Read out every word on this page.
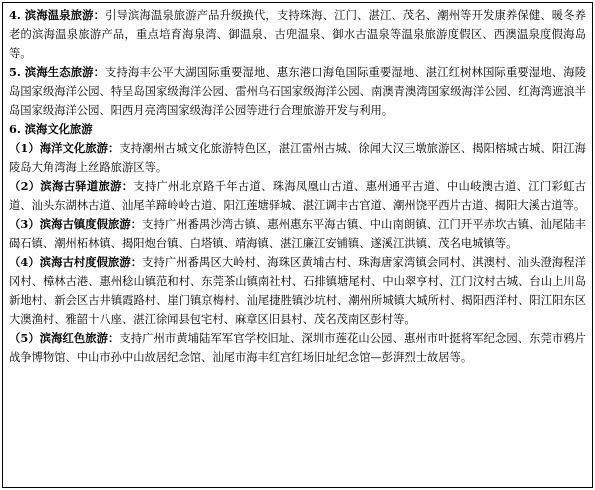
4. 滨海温泉旅游：引导滨海温泉旅游产品升级换代，支持珠海、江门、湛江、茂名、潮州等开发康养保健、暖冬养老的滨海温泉旅游产品，重点培育海泉湾、御温泉、古兜温泉、御水古温泉等温泉旅游度假区、西澳温泉度假海岛等。

5. 滨海生态旅游：支持海丰公平大湖国际重要湿地、惠东港口海龟国际重要湿地、湛江红树林国际重要湿地、海陵岛国家级海洋公园、特呈岛国家级海洋公园、雷州乌石国家级海洋公园、南澳青澳湾国家级海洋公园、红海湾遮浪半岛国家级海洋公园、阳西月亮湾国家级海洋公园等进行合理旅游开发与利用。

6. 滨海文化旅游

（1）海洋文化旅游：支持潮州古城文化旅游特色区，湛江雷州古城、徐闻大汉三墩旅游区、揭阳榕城古城、阳江海陵岛大角湾海上丝路旅游区等。

（2）滨海古驿道旅游：支持广州北京路千年古道、珠海凤凰山古道、惠州通平古道、中山岐澳古道、江门彩虹古道、汕头东湖林古道、汕尾羊蹄岭岭古道、阳江莲塘驿城、湛江调丰古官道、潮州饶平西片古道、揭阳大溪古道等。

（3）滨海古镇度假旅游：支持广州番禺沙湾古镇、惠州惠东平海古镇、中山南朗镇、江门开平赤坎古镇、汕尾陆丰碣石镇、潮州柘林镇、揭阳炮台镇、白塔镇、靖海镇、湛江廉江安铺镇、遂溪江洪镇、茂名电城镇等。

（4）滨海古村度假旅游：支持广州番禺区大岭村、海珠区黄埔古村、珠海唐家湾镇会同村、淇澳村、汕头澄海程洋冈村、樟林古港、惠州稔山镇范和村、东莞茶山镇南社村、石排镇塘尾村、中山翠亨村、江门汶村古城、台山上川岛新地村、新会区古井镇霞路村、崖门镇京梅村、汕尾捷胜镇沙坑村、潮州所城镇大城所村、揭阳西洋村、阳江阳东区大澳渔村、雅韶十八座、湛江徐闻县包宅村、麻章区旧县村、茂名茂南区彭村等。

（5）滨海红色旅游：支持广州市黄埔陆军军官学校旧址、深圳市莲花山公园、惠州市叶挺将军纪念园、东莞市鸦片战争博物馆、中山市孙中山故居纪念馆、汕尾市海丰红宫红场旧址纪念馆—彭湃烈士故居等。
